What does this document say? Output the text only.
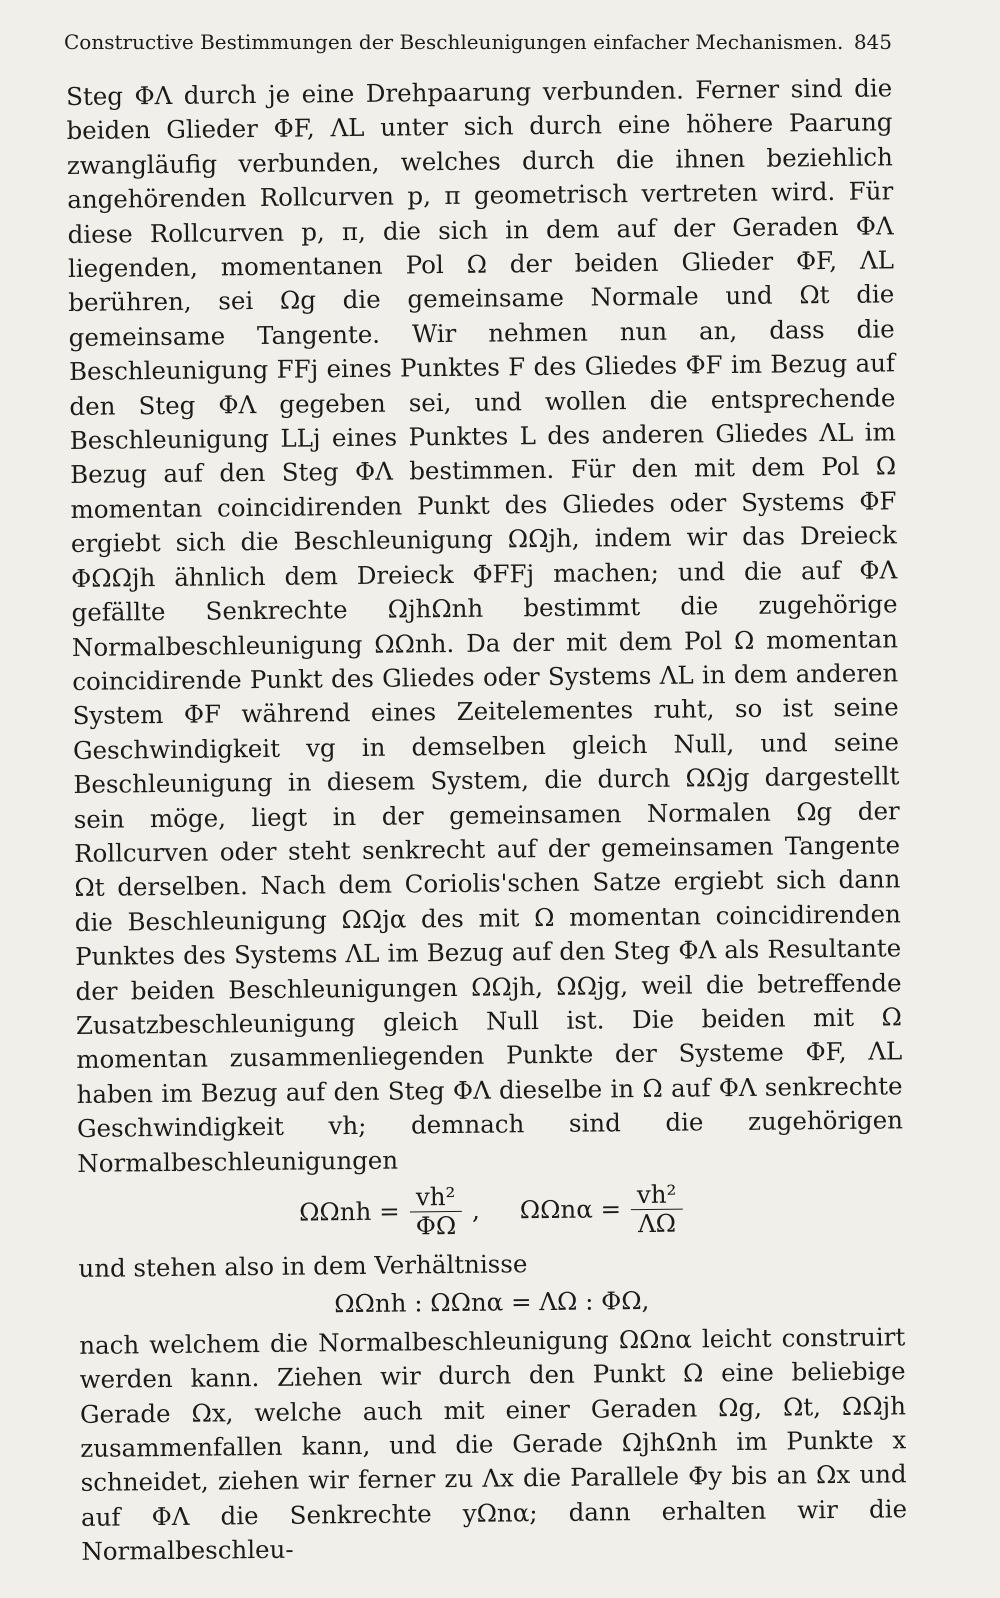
Constructive Bestimmungen der Beschleunigungen einfacher Mechanismen. 845

Steg ΦΛ durch je eine Drehpaarung verbunden. Ferner sind die beiden Glieder ΦF, ΛL unter sich durch eine höhere Paarung zwangläufig verbunden, welches durch die ihnen beziehlich angehörenden Rollcurven p, π geometrisch vertreten wird. Für diese Rollcurven p, π, die sich in dem auf der Geraden ΦΛ liegenden, momentanen Pol Ω der beiden Glieder ΦF, ΛL berühren, sei Ωg die gemeinsame Normale und Ωt die gemeinsame Tangente. Wir nehmen nun an, dass die Beschleunigung FFj eines Punktes F des Gliedes ΦF im Bezug auf den Steg ΦΛ gegeben sei, und wollen die entsprechende Beschleunigung LLj eines Punktes L des anderen Gliedes ΛL im Bezug auf den Steg ΦΛ bestimmen. Für den mit dem Pol Ω momentan coincidirenden Punkt des Gliedes oder Systems ΦF ergiebt sich die Beschleunigung ΩΩjh, indem wir das Dreieck ΦΩΩjh ähnlich dem Dreieck ΦFFj machen; und die auf ΦΛ gefällte Senkrechte ΩjhΩnh bestimmt die zugehörige Normalbeschleunigung ΩΩnh. Da der mit dem Pol Ω momentan coincidirende Punkt des Gliedes oder Systems ΛL in dem anderen System ΦF während eines Zeitelementes ruht, so ist seine Geschwindigkeit vg in demselben gleich Null, und seine Beschleunigung in diesem System, die durch ΩΩjg dargestellt sein möge, liegt in der gemeinsamen Normalen Ωg der Rollcurven oder steht senkrecht auf der gemeinsamen Tangente Ωt derselben. Nach dem Coriolis'schen Satze ergiebt sich dann die Beschleunigung ΩΩjα des mit Ω momentan coincidirenden Punktes des Systems ΛL im Bezug auf den Steg ΦΛ als Resultante der beiden Beschleunigungen ΩΩjh, ΩΩjg, weil die betreffende Zusatzbeschleunigung gleich Null ist. Die beiden mit Ω momentan zusammenliegenden Punkte der Systeme ΦF, ΛL haben im Bezug auf den Steg ΦΛ dieselbe in Ω auf ΦΛ senkrechte Geschwindigkeit vh; demnach sind die zugehörigen Normalbeschleunigungen

$\Omega\Omega nh = \frac{\text{vh²}}{\Phi\Omega}$ , $\Omega\Omega n\alpha = \frac{\text{vh²}}{\Lambda\Omega}$

und stehen also in dem Verhältnisse

ΩΩnh : ΩΩnα = ΛΩ : ΦΩ,

nach welchem die Normalbeschleunigung ΩΩnα leicht construirt werden kann. Ziehen wir durch den Punkt Ω eine beliebige Gerade Ωx, welche auch mit einer Geraden Ωg, Ωt, ΩΩjh zusammenfallen kann, und die Gerade ΩjhΩnh im Punkte x schneidet, ziehen wir ferner zu Λx die Parallele Φy bis an Ωx und auf ΦΛ die Senkrechte yΩnα; dann erhalten wir die Normalbeschleu-
